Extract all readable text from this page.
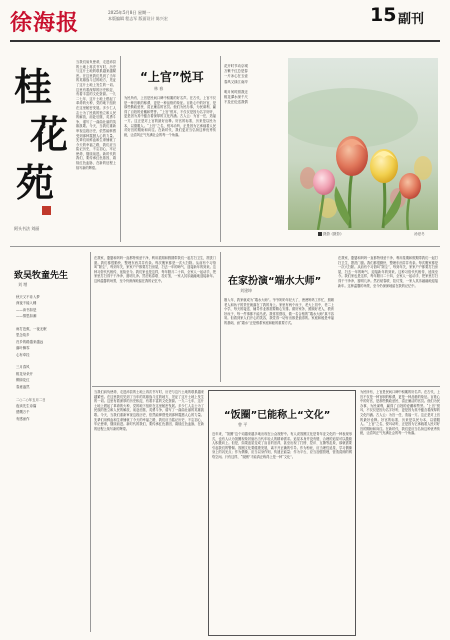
徐海报	2025年5月8日 星期一
本版编辑 程志军 版面设计 陈兴宏	15 副刊
桂
花
苑
阿头书法 刘丽
当我们肩负使命，走进沛县的土地上再次书写时，历史与这片土地的联系越来越紧密。在这里我们见到了当年的英雄战斗过的地方，见证了这片土地上发生的一切。这里有着深厚的历史积淀，有着丰富的文化资源。一九二七年，这片土地上燃起了革命的火种，党的地下组织在这里秘密发展。多少仁人志士为了民族的独立和人民的解放，前赴后继，英勇斗争，谱写了一曲曲壮丽的英雄凯歌。今天，当我们重新审视这段历史，依然能够感受到那种震撼人心的力量。先辈们用鲜血和生命铺就了今天的幸福之路，我们应当铭记历史，不忘初心，牢记使命，继续前进。新时代的我们，要传承红色基因，赓续红色血脉，在新的征程上续写新的辉煌。
“上官”悦耳
林 春
为民所有，上官是民间口碑中积累的好名声。在古代，上官不仅是一种官职的称谓，更是一种品格的象征。百姓心中的好官，是那些勤政爱民、清正廉洁的官员。他们为民办事，为民谋利，赢得了百姓的爱戴和赞誉。“上官”悦耳，不仅仅是因为名字好听，更是因为其中蕴含着深厚的文化内涵。古人云：为官一任，造福一方。这正是对上官的最好诠释。好官的标准，历来是以民为本，以德服人。“上官”之名，悦耳动听，正是因为它承载着人民对好官的期盼和向往。在新时代，我们更应当弘扬这种优秀传统，让清风正气充满社会的每一个角落。
花开时节动京城
万紫千红总是春
一片冰心在玉壶
春风又绿江南岸

明月何时照我还
桃花潭水深千尺
不及汪伦送我情
摄影 (摄影)	汤爱冬
致吴牧童先生
刘 增
秋天又不肯入梦
深夜不能入睡
——读书如是
——情思如潮

雨打芭蕉，一夜无眠
思念故乡
归乡的路越来越远
落叶飘零
心有牵挂

三月春风
桃花朵朵开
柳绿花红
春意盎然

二○二○年五月二日
夜读先生诗篇
感慨万千
有感而作
在我家，婆婆和妈妈一直都特别爱干净，利用星期和假期带我们一起打扫卫生，擦洗门窗。我们都很勤快，整理东西井井有条。每次搬家都是一次大扫除。从前有个习俗叫“除尘”，每到年关，家家户户都要打扫房屋，扫去一年的晦气，迎接新年的到来。这种习俗代代相传，延续至今。我们家也是这样，每年腊月二十四，全家人一起动手，把家里打扫得干干净净，窗明几净。然后贴春联、挂灯笼，一家人其乐融融地迎接新年。这种温馨的场景，至今仍深深地留在我的记忆中。	在家扮演“端水大师”
刘建坤
刚入年，我家就成为“端水大师”。爷爷奶奶年纪大了，爸爸妈妈工作忙，照顾老人和孩子的责任就落在了我的身上。家里有两个孩子，老大上初中，老二上小学，每天的接送、辅导作业都需要精心安排。做好家务，照顾好老人，教育好孩子，每一件事都不能马虎。我常常感叹，做一名合格的“端水大师”真不容易。但看到家人们开心的笑容，我觉得一切付出都是值得的。家庭和睦是幸福的基础，而“端水”正是维系家庭和睦的重要方式。
在我家，婆婆和妈妈一直都特别爱干净，利用星期和假期带我们一起打扫卫生，擦洗门窗。我们都很勤快，整理东西井井有条。每次搬家都是一次大扫除。从前有个习俗叫“除尘”，每到年关，家家户户都要打扫房屋，扫去一年的晦气，迎接新年的到来。这种习俗代代相传，延续至今。我们家也是这样，每年腊月二十四，全家人一起动手，把家里打扫得干干净净，窗明几净。然后贴春联、挂灯笼，一家人其乐融融地迎接新年。这种温馨的场景，至今仍深深地留在我的记忆中。
当我们肩负使命，走进沛县的土地上再次书写时，历史与这片土地的联系越来越紧密。在这里我们见到了当年的英雄战斗过的地方，见证了这片土地上发生的一切。这里有着深厚的历史积淀，有着丰富的文化资源。一九二七年，这片土地上燃起了革命的火种，党的地下组织在这里秘密发展。多少仁人志士为了民族的独立和人民的解放，前赴后继，英勇斗争，谱写了一曲曲壮丽的英雄凯歌。今天，当我们重新审视这段历史，依然能够感受到那种震撼人心的力量。先辈们用鲜血和生命铺就了今天的幸福之路，我们应当铭记历史，不忘初心，牢记使命，继续前进。新时代的我们，要传承红色基因，赓续红色血脉，在新的征程上续写新的辉煌。
“饭圈”已能称上“文化”
曾 平
近年来，“饭圈”这个词越来越多地出现在公众视野中。有人说饭圈文化是青年亚文化的一种表现形式，也有人认为饭圈现象折射出当代年轻人的精神需求。追星本身并没有错，合理的追星可以激励人积极向上。但是，如果追星变成了盲目的崇拜，甚至出现了打榜、控评、互撕等乱象，那就需要引起我们的警惕。饭圈文化要健康发展，离不开正确的引导。作为粉丝，应当理性追星，学习偶像身上的闪光点；作为偶像，应当以身作则，传递正能量；作为平台，应当加强管理，营造清朗的网络空间。只有这样，“饭圈”才能真正称得上是一种“文化”。
为民所有，上官是民间口碑中积累的好名声。在古代，上官不仅是一种官职的称谓，更是一种品格的象征。百姓心中的好官，是那些勤政爱民、清正廉洁的官员。他们为民办事，为民谋利，赢得了百姓的爱戴和赞誉。“上官”悦耳，不仅仅是因为名字好听，更是因为其中蕴含着深厚的文化内涵。古人云：为官一任，造福一方。这正是对上官的最好诠释。好官的标准，历来是以民为本，以德服人。“上官”之名，悦耳动听，正是因为它承载着人民对好官的期盼和向往。在新时代，我们更应当弘扬这种优秀传统，让清风正气充满社会的每一个角落。
